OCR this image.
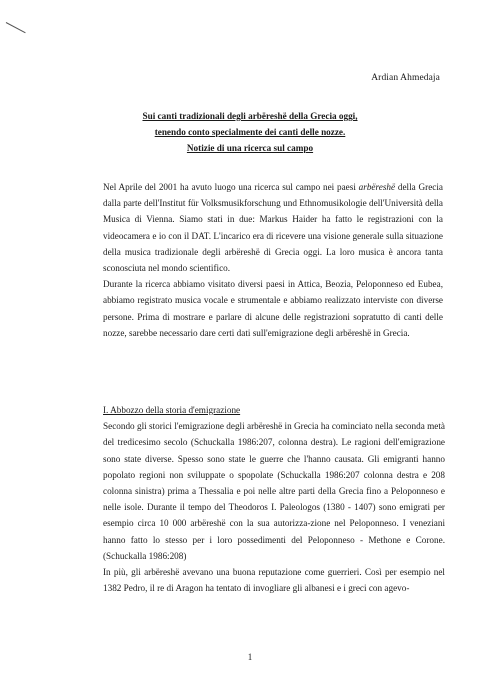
Ardian Ahmedaja
Sui canti tradizionali degli arbëreshë della Grecia oggi,
tenendo conto specialmente dei canti delle nozze.
Notizie di una ricerca sul campo

Nel Aprile del 2001 ha avuto luogo una ricerca sul campo nei paesi arbëreshë della Grecia dalla parte dell'Institut für Volksmusikforschung und Ethnomusikologie dell'Università della Musica di Vienna. Siamo stati in due: Markus Haider ha fatto le registrazioni con la videocamera e io con il DAT. L'incarico era di ricevere una visione generale sulla situazione della musica tradizionale degli arbëreshë di Grecia oggi. La loro musica è ancora tanta sconosciuta nel mondo scientifico.

Durante la ricerca abbiamo visitato diversi paesi in Attica, Beozia, Peloponneso ed Eubea, abbiamo registrato musica vocale e strumentale e abbiamo realizzato interviste con diverse persone. Prima di mostrare e parlare di alcune delle registrazioni sopratutto di canti delle nozze, sarebbe necessario dare certi dati sull'emigrazione degli arbëreshë in Grecia.

I. Abbozzo della storia d'emigrazione

Secondo gli storici l'emigrazione degli arbëreshë in Grecia ha cominciato nella seconda metà del tredicesimo secolo (Schuckalla 1986:207, colonna destra). Le ragioni dell'emigrazione sono state diverse. Spesso sono state le guerre che l'hanno causata. Gli emigranti hanno popolato regioni non sviluppate o spopolate (Schuckalla 1986:207 colonna destra e 208 colonna sinistra) prima a Thessalia e poi nelle altre parti della Grecia fino a Peloponneso e nelle isole. Durante il tempo del Theodoros I. Paleologos (1380 - 1407) sono emigrati per esempio circa 10 000 arbëreshë con la sua autorizza-zione nel Peloponneso. I veneziani hanno fatto lo stesso per i loro possedimenti del Peloponneso - Methone e Corone. (Schuckalla 1986:208)

In più, gli arbëreshë avevano una buona reputazione come guerrieri. Così per esempio nel 1382 Pedro, il re di Aragon ha tentato di invogliare gli albanesi e i greci con agevo-

1
